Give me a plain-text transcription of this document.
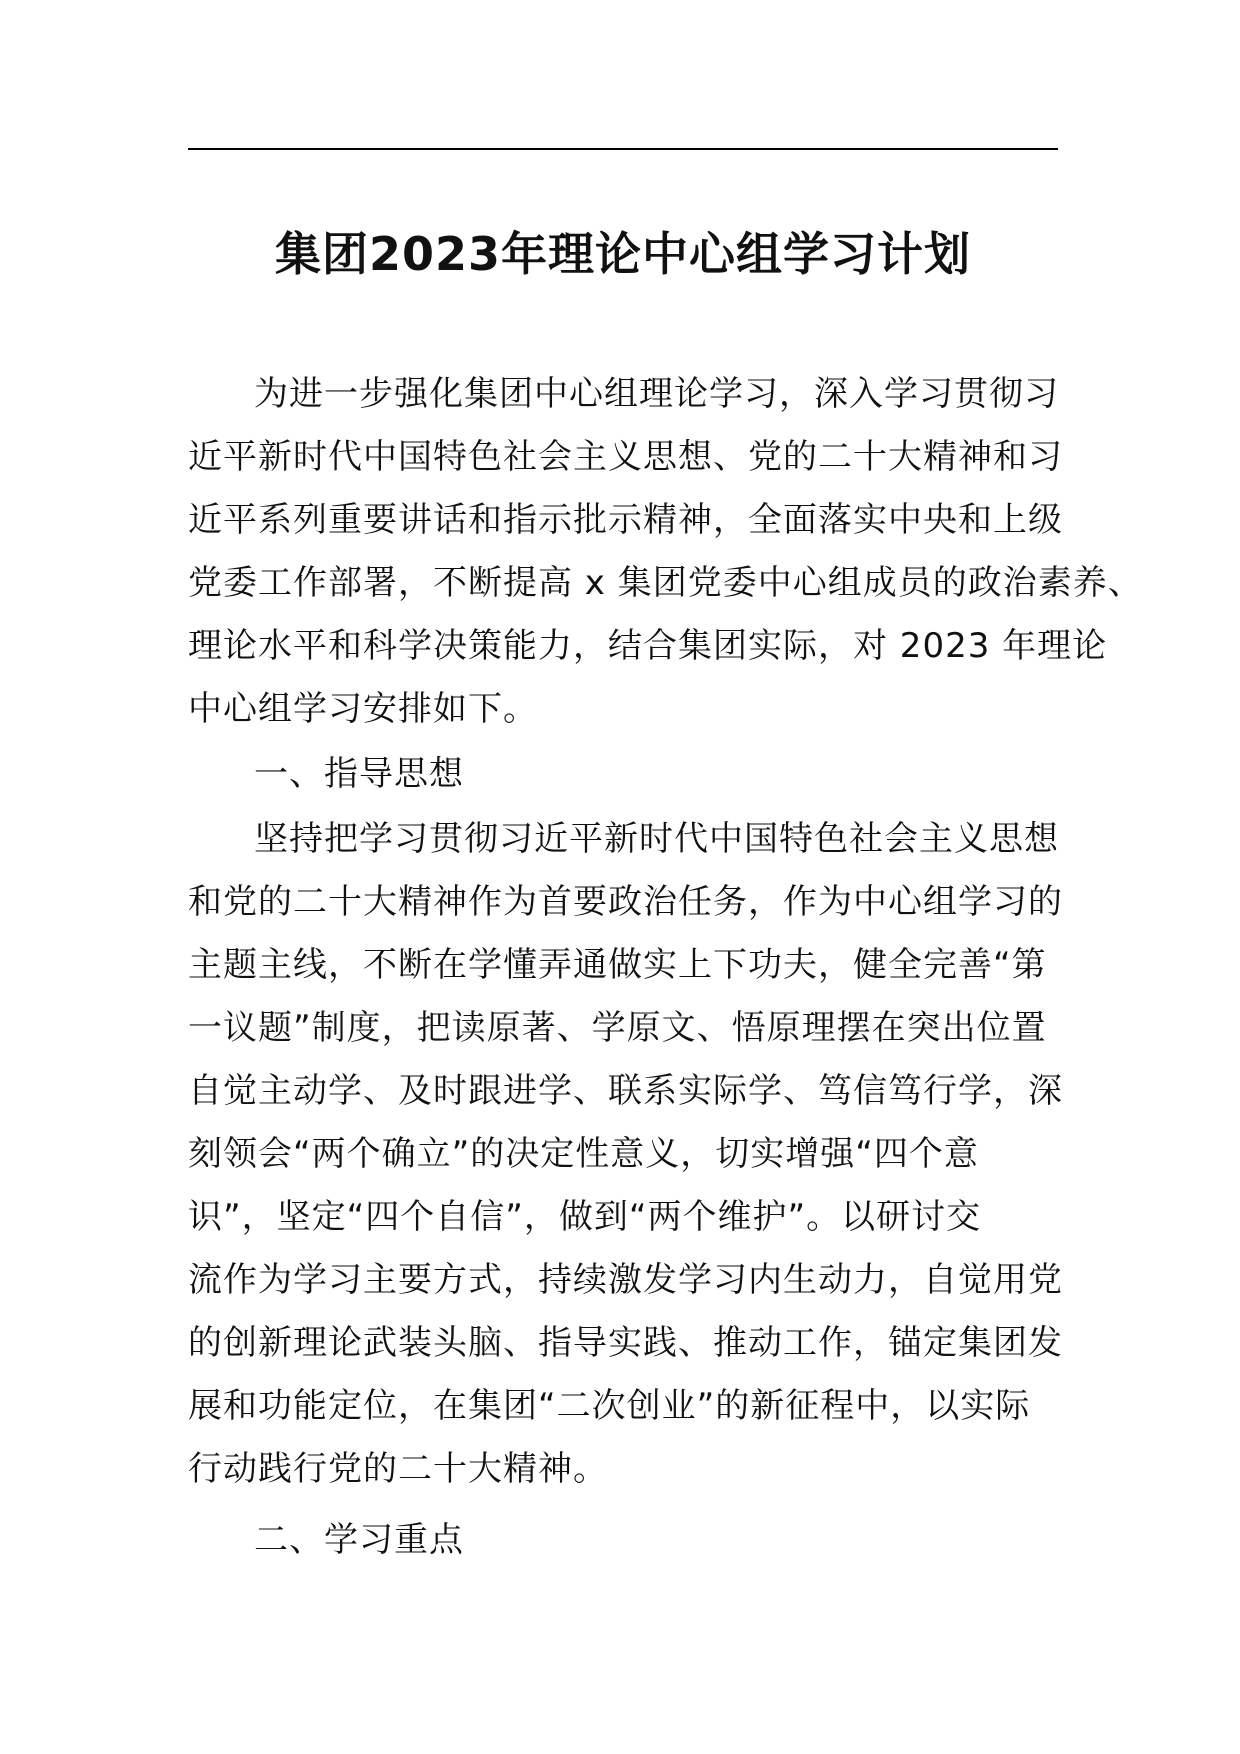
集团2023年理论中心组学习计划
为进一步强化集团中心组理论学习，深入学习贯彻习
近平新时代中国特色社会主义思想、党的二十大精神和习
近平系列重要讲话和指示批示精神，全面落实中央和上级
党委工作部署，不断提高 x 集团党委中心组成员的政治素养、
理论水平和科学决策能力，结合集团实际，对 2023 年理论
中心组学习安排如下。
一、指导思想
坚持把学习贯彻习近平新时代中国特色社会主义思想
和党的二十大精神作为首要政治任务，作为中心组学习的
主题主线，不断在学懂弄通做实上下功夫，健全完善“第
一议题”制度，把读原著、学原文、悟原理摆在突出位置
自觉主动学、及时跟进学、联系实际学、笃信笃行学，深
刻领会“两个确立”的决定性意义，切实增强“四个意
识”，坚定“四个自信”，做到“两个维护”。以研讨交
流作为学习主要方式，持续激发学习内生动力，自觉用党
的创新理论武装头脑、指导实践、推动工作，锚定集团发
展和功能定位，在集团“二次创业”的新征程中，以实际
行动践行党的二十大精神。
二、学习重点
